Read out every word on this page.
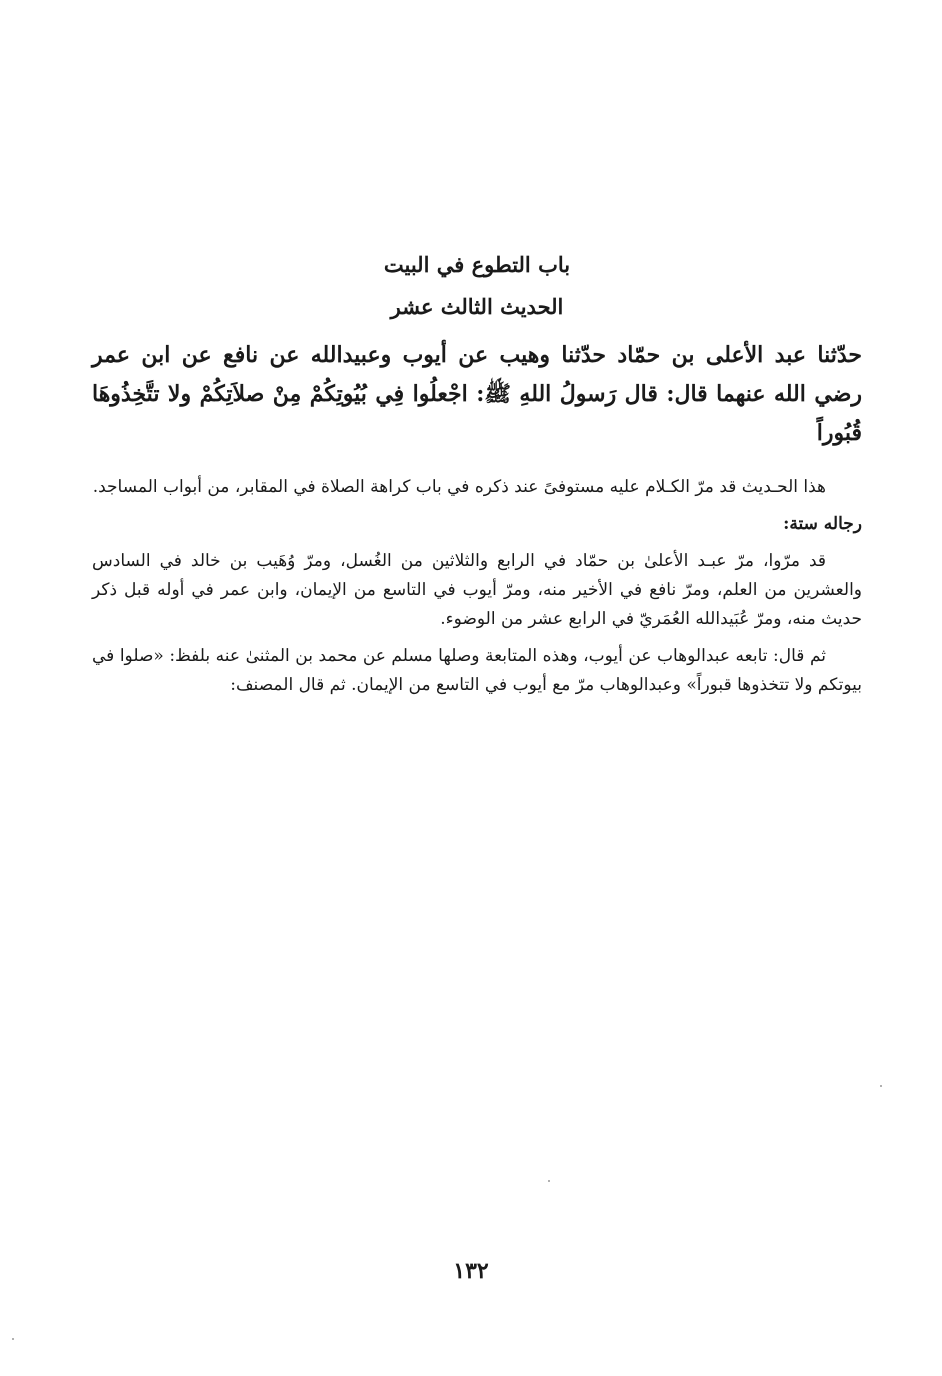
باب التطوع في البيت

الحديث الثالث عشر

حدّثنا عبد الأعلى بن حمّاد حدّثنا وهيب عن أيوب وعبيدالله عن نافع عن ابن عمر رضي الله عنهما قال: قال رَسولُ اللهِ ﷺ: اجْعلُوا فِي بُيُوتِكُمْ مِنْ صلاَتِكُمْ ولا تتَّخِذُوهَا قُبُوراً

هذا الحـديث قد مرّ الكـلام عليه مستوفىً عند ذكره في باب كراهة الصلاة في المقابر، من أبواب المساجد.

رجاله ستة:

قد مرّوا، مرّ عبـد الأعلىٰ بن حمّاد في الرابع والثلاثين من الغُسل، ومرّ وُهَيب بن خالد في السادس والعشرين من العلم، ومرّ نافع في الأخير منه، ومرّ أيوب في التاسع من الإيمان، وابن عمر في أوله قبل ذكر حديث منه، ومرّ عُبَيدالله العُمَريّ في الرابع عشر من الوضوء.

ثم قال: تابعه عبدالوهاب عن أيوب، وهذه المتابعة وصلها مسلم عن محمد بن المثنىٰ عنه بلفظ: «صلوا في بيوتكم ولا تتخذوها قبوراً» وعبدالوهاب مرّ مع أيوب في التاسع من الإيمان. ثم قال المصنف:

١٣٢
